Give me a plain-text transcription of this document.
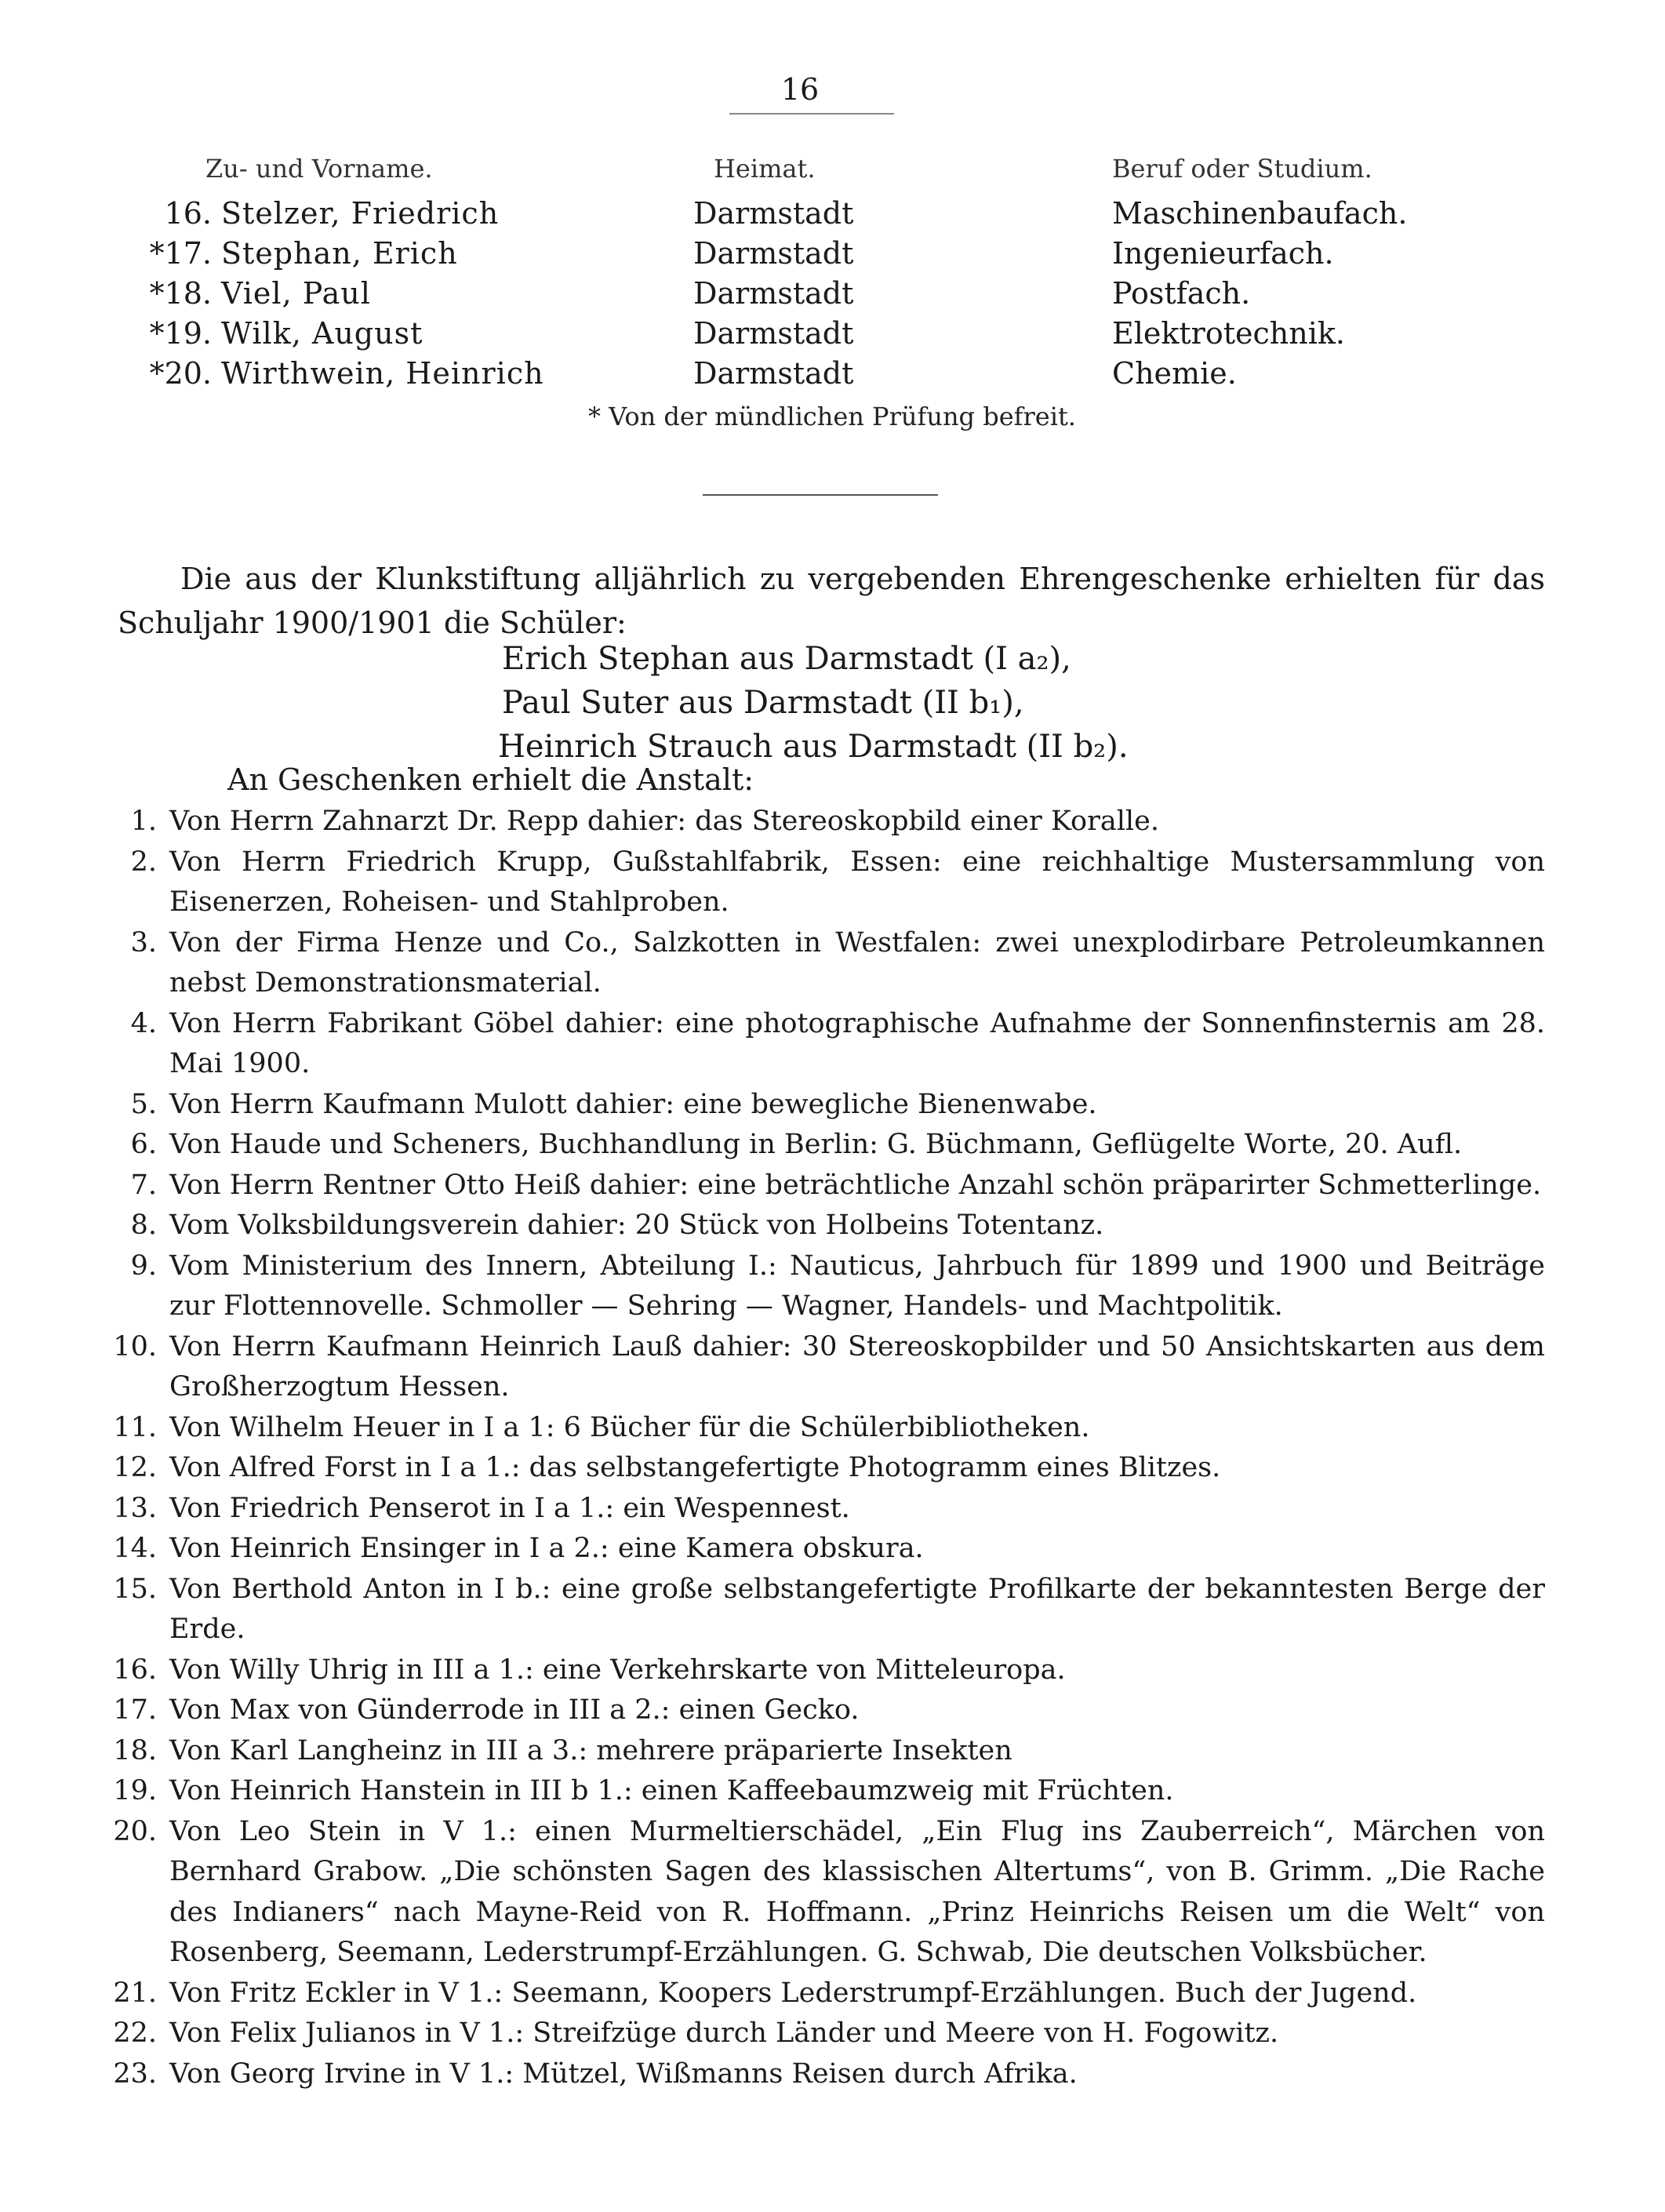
16
Zu- und Vorname.	Heimat.	Beruf oder Studium.
16. Stelzer, Friedrich	Darmstadt	Maschinenbaufach.
*17. Stephan, Erich	Darmstadt	Ingenieurfach.
*18. Viel, Paul	Darmstadt	Postfach.
*19. Wilk, August	Darmstadt	Elektrotechnik.
*20. Wirthwein, Heinrich	Darmstadt	Chemie.
* Von der mündlichen Prüfung befreit.
Die aus der Klunkstiftung alljährlich zu vergebenden Ehrengeschenke erhielten für das Schuljahr 1900/1901 die Schüler:
Erich Stephan aus Darmstadt (I a₂),
Paul Suter aus Darmstadt (II b₁),
Heinrich Strauch aus Darmstadt (II b₂).
An Geschenken erhielt die Anstalt:
1. Von Herrn Zahnarzt Dr. Repp dahier: das Stereoskopbild einer Koralle.
2. Von Herrn Friedrich Krupp, Gußstahlfabrik, Essen: eine reichhaltige Mustersammlung von Eisenerzen, Roheisen- und Stahlproben.
3. Von der Firma Henze und Co., Salzkotten in Westfalen: zwei unexplodirbare Petroleumkannen nebst Demonstrationsmaterial.
4. Von Herrn Fabrikant Göbel dahier: eine photographische Aufnahme der Sonnenfinsternis am 28. Mai 1900.
5. Von Herrn Kaufmann Mulott dahier: eine bewegliche Bienenwabe.
6. Von Haude und Scheners, Buchhandlung in Berlin: G. Büchmann, Geflügelte Worte, 20. Aufl.
7. Von Herrn Rentner Otto Heiß dahier: eine beträchtliche Anzahl schön präparirter Schmetterlinge.
8. Vom Volksbildungsverein dahier: 20 Stück von Holbeins Totentanz.
9. Vom Ministerium des Innern, Abteilung I.: Nauticus, Jahrbuch für 1899 und 1900 und Beiträge zur Flottennovelle. Schmoller — Sehring — Wagner, Handels- und Machtpolitik.
10. Von Herrn Kaufmann Heinrich Lauß dahier: 30 Stereoskopbilder und 50 Ansichtskarten aus dem Großherzogtum Hessen.
11. Von Wilhelm Heuer in I a 1: 6 Bücher für die Schülerbibliotheken.
12. Von Alfred Forst in I a 1.: das selbstangefertigte Photogramm eines Blitzes.
13. Von Friedrich Penserot in I a 1.: ein Wespennest.
14. Von Heinrich Ensinger in I a 2.: eine Kamera obskura.
15. Von Berthold Anton in I b.: eine große selbstangefertigte Profilkarte der bekanntesten Berge der Erde.
16. Von Willy Uhrig in III a 1.: eine Verkehrskarte von Mitteleuropa.
17. Von Max von Günderrode in III a 2.: einen Gecko.
18. Von Karl Langheinz in III a 3.: mehrere präparierte Insekten
19. Von Heinrich Hanstein in III b 1.: einen Kaffeebaumzweig mit Früchten.
20. Von Leo Stein in V 1.: einen Murmeltierschädel, „Ein Flug ins Zauberreich“, Märchen von Bernhard Grabow. „Die schönsten Sagen des klassischen Altertums“, von B. Grimm. „Die Rache des Indianers“ nach Mayne-Reid von R. Hoffmann. „Prinz Heinrichs Reisen um die Welt“ von Rosenberg, Seemann, Lederstrumpf-Erzählungen. G. Schwab, Die deutschen Volksbücher.
21. Von Fritz Eckler in V 1.: Seemann, Koopers Lederstrumpf-Erzählungen. Buch der Jugend.
22. Von Felix Julianos in V 1.: Streifzüge durch Länder und Meere von H. Fogowitz.
23. Von Georg Irvine in V 1.: Mützel, Wißmanns Reisen durch Afrika.
